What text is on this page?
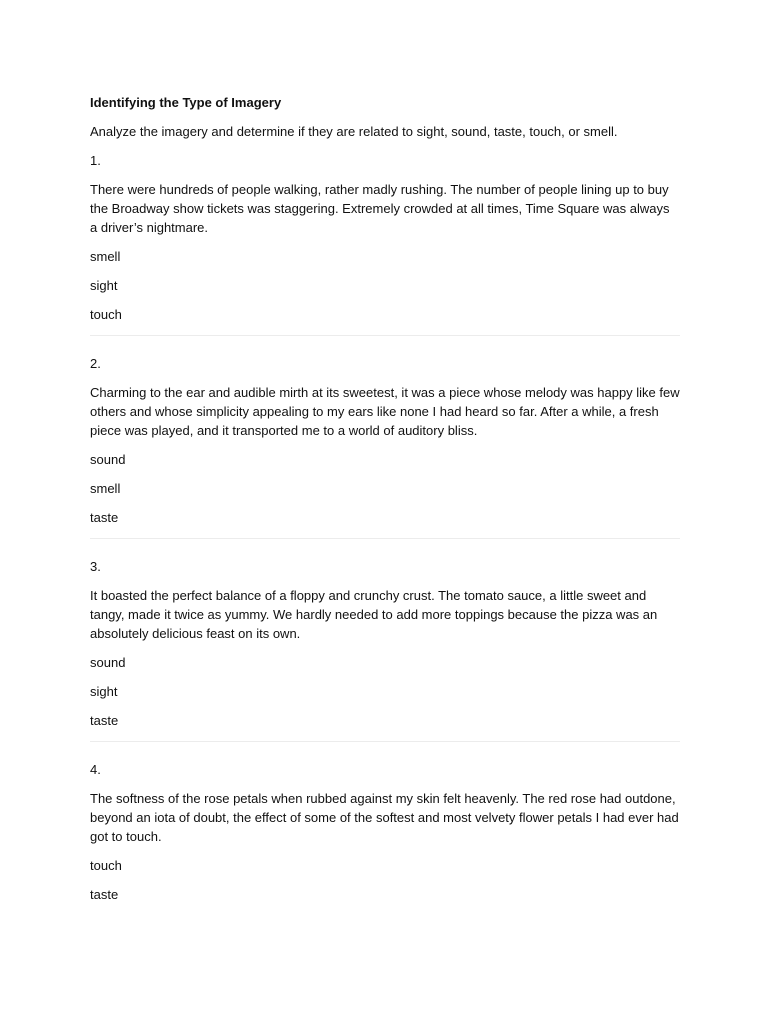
Identifying the Type of Imagery

Analyze the imagery and determine if they are related to sight, sound, taste, touch, or smell.

1.

There were hundreds of people walking, rather madly rushing. The number of people lining up to buy the Broadway show tickets was staggering. Extremely crowded at all times, Time Square was always a driver’s nightmare.

smell

sight

touch

2.

Charming to the ear and audible mirth at its sweetest, it was a piece whose melody was happy like few others and whose simplicity appealing to my ears like none I had heard so far. After a while, a fresh piece was played, and it transported me to a world of auditory bliss.

sound

smell

taste

3.

It boasted the perfect balance of a floppy and crunchy crust. The tomato sauce, a little sweet and tangy, made it twice as yummy. We hardly needed to add more toppings because the pizza was an absolutely delicious feast on its own.

sound

sight

taste

4.

The softness of the rose petals when rubbed against my skin felt heavenly. The red rose had outdone, beyond an iota of doubt, the effect of some of the softest and most velvety flower petals I had ever had got to touch.

touch

taste
